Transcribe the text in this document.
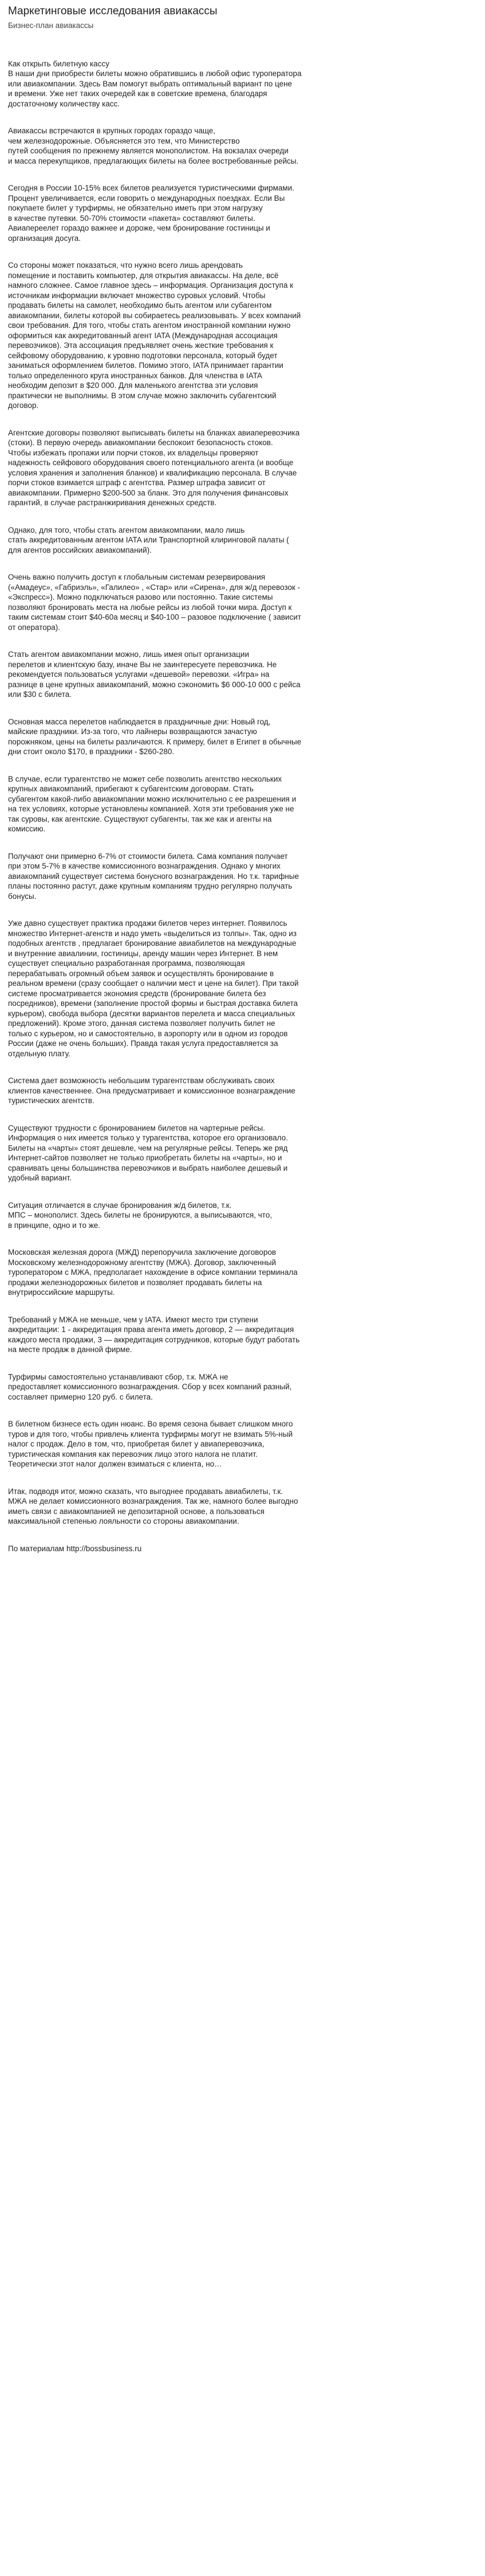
Маркетинговые исследования авиакассы
Бизнес-план авиакассы

Как открыть билетную кассу
В наши дни приобрести билеты можно обратившись в любой офис туроператора
или авиакомпании. Здесь Вам помогут выбрать оптимальный вариант по цене
и времени. Уже нет таких очередей как в советские времена, благодаря
достаточному количеству касс.

Авиакассы встречаются в крупных городах гораздо чаще,
чем железнодорожные. Объясняется это тем, что Министерство
путей сообщения по прежнему является монополистом. На вокзалах очереди
и масса перекупщиков, предлагающих билеты на более востребованные рейсы.

Сегодня в России 10-15% всех билетов реализуется туристическими фирмами.
Процент увеличивается, если говорить о международных поездках. Если Вы
покупаете билет у турфирмы, не обязательно иметь при этом нагрузку
в качестве путевки. 50-70% стоимости «пакета» составляют билеты.
Авиапереелет гораздо важнее и дороже, чем бронирование гостиницы и
организация досуга.

Со стороны может показаться, что нужно всего лишь арендовать
помещение и поставить компьютер, для открытия авиакассы. На деле, всё
намного сложнее. Самое главное здесь – информация. Организация доступа к
источникам информации включает множество суровых условий. Чтобы
продавать билеты на самолет, необходимо быть агентом или субагентом
авиакомпании, билеты которой вы собираетесь реализовывать. У всех компаний
свои требования. Для того, чтобы стать агентом иностранной компании нужно
оформиться как аккредитованный агент IATA (Международная ассоциация
перевозчиков). Эта ассоциация предъявляет очень жесткие требования к
сейфовому оборудованию, к уровню подготовки персонала, который будет
заниматься оформлением билетов. Помимо этого, IATA принимает гарантии
только определенного круга иностранных банков. Для членства в IATA
необходим депозит в $20 000. Для маленького агентства эти условия
практически не выполнимы. В этом случае можно заключить субагентский
договор.

Агентские договоры позволяют выписывать билеты на бланках авиаперевозчика
(стоки). В первую очередь авиакомпании беспокоит безопасность стоков.
Чтобы избежать пропажи или порчи стоков, их владельцы проверяют
надежность сейфового оборудования своего потенциального агента (и вообще
условия хранения и заполнения бланков) и квалификацию персонала. В случае
порчи стоков взимается штраф с агентства. Размер штрафа зависит от
авиакомпании. Примерно $200-500 за бланк. Это для получения финансовых
гарантий, в случае растранжиривания денежных средств.

Однако, для того, чтобы стать агентом авиакомпании, мало лишь
стать аккредитованным агентом IATA или Транспортной клиринговой палаты (
для агентов российских авиакомпаний).

Очень важно получить доступ к глобальным системам резервирования
(«Амадеус», «Габриэль», «Галилео» , «Стар» или «Сирена», для ж/д перевозок -
«Экспресс»). Можно подключаться разово или постоянно. Такие системы
позволяют бронировать места на любые рейсы из любой точки мира. Доступ к
таким системам стоит $40-60а месяц и $40-100 – разовое подключение ( зависит
от оператора).

Стать агентом авиакомпании можно, лишь имея опыт организации
перелетов и клиентскую базу, иначе Вы не заинтересуете перевозчика. Не
рекомендуется пользоваться услугами «дешевой» перевозки. «Игра» на
разнице в цене крупных авиакомпаний, можно сэкономить $6 000-10 000 с рейса
или $30 с билета.

Основная масса перелетов наблюдается в праздничные дни: Новый год,
майские праздники. Из-за того, что лайнеры возвращаются зачастую
порожняком, цены на билеты различаются. К примеру, билет в Египет в обычные
дни стоит около $170, в праздники - $260-280.

В случае, если турагентство не может себе позволить агентство нескольких
крупных авиакомпаний, прибегают к субагентским договорам. Стать
субагентом какой-либо авиакомпании можно исключительно с ее разрешения и
на тех условиях, которые установлены компанией. Хотя эти требования уже не
так суровы, как агентские. Существуют субагенты, так же как и агенты на
комиссию.

Получают они примерно 6-7% от стоимости билета. Сама компания получает
при этом 5-7% в качестве комиссионного вознаграждения. Однако у многих
авиакомпаний существует система бонусного вознаграждения. Но т.к. тарифные
планы постоянно растут, даже крупным компаниям трудно регулярно получать
бонусы.

Уже давно существует практика продажи билетов через интернет. Появилось
множество Интернет-агенств и надо уметь «выделиться из толпы». Так, одно из
подобных агентств , предлагает бронирование авиабилетов на международные
и внутренние авиалинии, гостиницы, аренду машин через Интернет. В нем
существует специально разработанная программа, позволяющая
перерабатывать огромный объем заявок и осуществлять бронирование в
реальном времени (сразу сообщает о наличии мест и цене на билет). При такой
системе просматривается экономия средств (бронирование билета без
посредников), времени (заполнение простой формы и быстрая доставка билета
курьером), свобода выбора (десятки вариантов перелета и масса специальных
предложений). Кроме этого, данная система позволяет получить билет не
только с курьером, но и самостоятельно, в аэропорту или в одном из городов
России (даже не очень больших). Правда такая услуга предоставляется за
отдельную плату.

Система дает возможность небольшим турагентствам обслуживать своих
клиентов качественнее. Она предусматривает и комиссионное вознаграждение
туристических агентств.

Существуют трудности с бронированием билетов на чартерные рейсы.
Информация о них имеется только у турагентства, которое его организовало.
Билеты на «чарты» стоят дешевле, чем на регулярные рейсы. Теперь же ряд
Интернет-сайтов позволяет не только приобретать билеты на «чарты», но и
сравнивать цены большинства перевозчиков и выбрать наиболее дешевый и
удобный вариант.

Ситуация отличается в случае бронирования ж/д билетов, т.к.
МПС – монополист. Здесь билеты не бронируются, а выписываются, что,
в принципе, одно и то же.

Московская железная дорога (МЖД) перепоручила заключение договоров
Московскому железнодорожному агентству (МЖА). Договор, заключенный
туроператором с МЖА, предполагает нахождение в офисе компании терминала
продажи железнодорожных билетов и позволяет продавать билеты на
внутрироссийские маршруты.

Требований у МЖА не меньше, чем у IATA. Имеют место три ступени
аккредитации: 1 - аккредитация права агента иметь договор, 2 — аккредитация
каждого места продажи, 3 — аккредитация сотрудников, которые будут работать
на месте продаж в данной фирме.

Турфирмы самостоятельно устанавливают сбор, т.к. МЖА не
предоставляет комиссионного вознаграждения. Сбор у всех компаний разный,
составляет примерно 120 руб. с билета.

В билетном бизнесе есть один нюанс. Во время сезона бывает слишком много
туров и для того, чтобы привлечь клиента турфирмы могут не взимать 5%-ный
налог с продаж. Дело в том, что, приобретая билет у авиаперевозчика,
туристическая компания как перевозчик лицо этого налога не платит.
Теоретически этот налог должен взиматься с клиента, но…

Итак, подводя итог, можно сказать, что выгоднее продавать авиабилеты, т.к.
МЖА не делает комиссионного вознаграждения. Так же, намного более выгодно
иметь связи с авиакомпанией не депозитарной основе, а пользоваться
максимальной степенью лояльности со стороны авиакомпании.

По материалам http://bossbusiness.ru
